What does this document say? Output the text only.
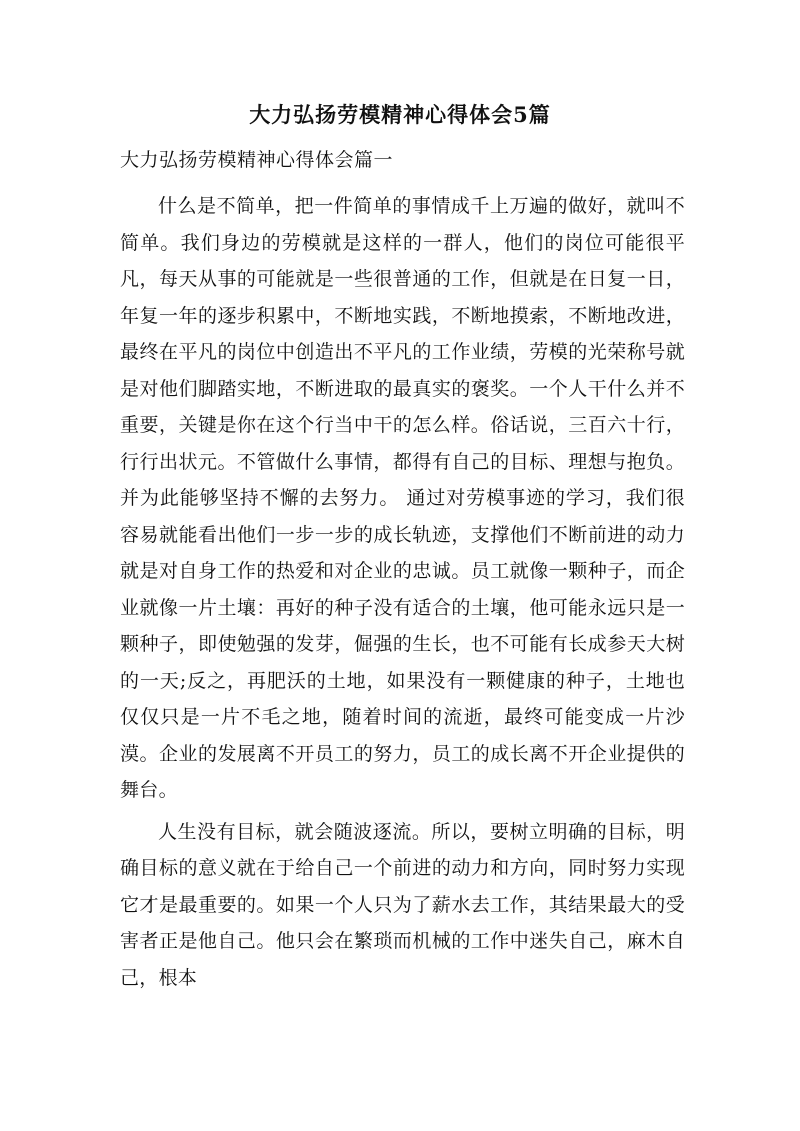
大力弘扬劳模精神心得体会5篇
大力弘扬劳模精神心得体会篇一

什么是不简单，把一件简单的事情成千上万遍的做好，就叫不简单。我们身边的劳模就是这样的一群人，他们的岗位可能很平凡，每天从事的可能就是一些很普通的工作，但就是在日复一日，年复一年的逐步积累中，不断地实践，不断地摸索，不断地改进，最终在平凡的岗位中创造出不平凡的工作业绩，劳模的光荣称号就是对他们脚踏实地，不断进取的最真实的褒奖。一个人干什么并不重要，关键是你在这个行当中干的怎么样。俗话说，三百六十行，行行出状元。不管做什么事情，都得有自己的目标、理想与抱负。并为此能够坚持不懈的去努力。 通过对劳模事迹的学习，我们很容易就能看出他们一步一步的成长轨迹，支撑他们不断前进的动力就是对自身工作的热爱和对企业的忠诚。员工就像一颗种子，而企业就像一片土壤：再好的种子没有适合的土壤，他可能永远只是一颗种子，即使勉强的发芽，倔强的生长，也不可能有长成参天大树的一天;反之，再肥沃的土地，如果没有一颗健康的种子，土地也仅仅只是一片不毛之地，随着时间的流逝，最终可能变成一片沙漠。企业的发展离不开员工的努力，员工的成长离不开企业提供的舞台。

人生没有目标，就会随波逐流。所以，要树立明确的目标，明确目标的意义就在于给自己一个前进的动力和方向，同时努力实现它才是最重要的。如果一个人只为了薪水去工作，其结果最大的受害者正是他自己。他只会在繁琐而机械的工作中迷失自己，麻木自己，根本
